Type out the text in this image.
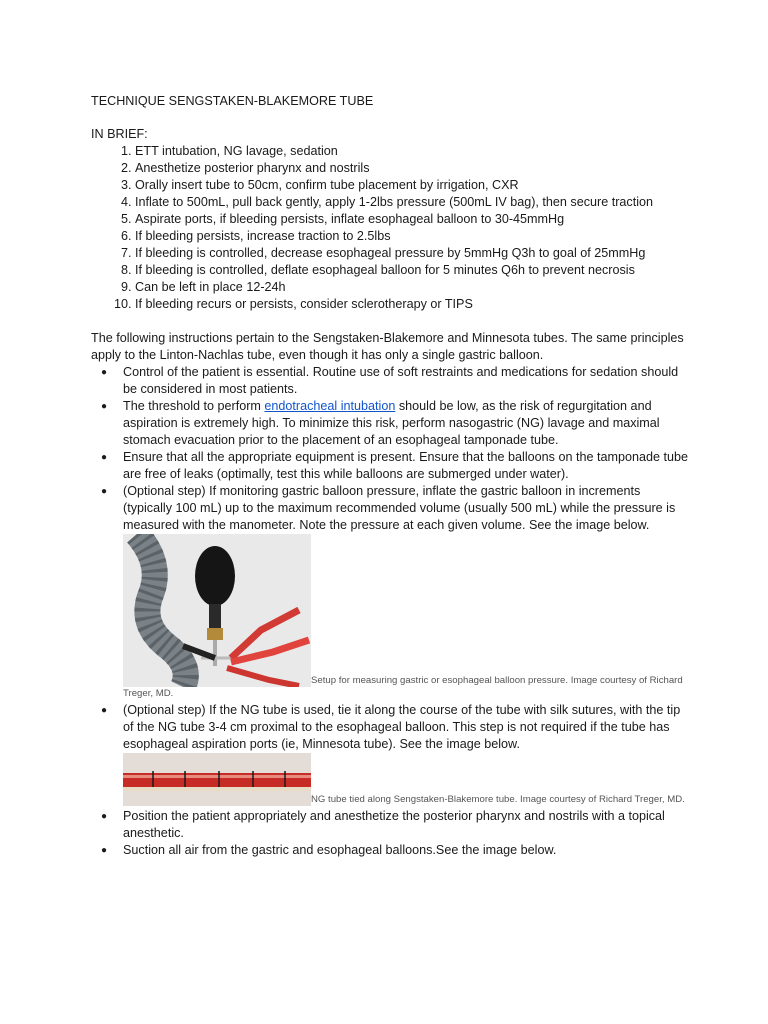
TECHNIQUE SENGSTAKEN-BLAKEMORE TUBE

IN BRIEF:

1. ETT intubation, NG lavage, sedation
2. Anesthetize posterior pharynx and nostrils
3. Orally insert tube to 50cm, confirm tube placement by irrigation, CXR
4. Inflate to 500mL, pull back gently, apply 1-2lbs pressure (500mL IV bag), then secure traction
5. Aspirate ports, if bleeding persists, inflate esophageal balloon to 30-45mmHg
6. If bleeding persists, increase traction to 2.5lbs
7. If bleeding is controlled, decrease esophageal pressure by 5mmHg Q3h to goal of 25mmHg
8. If bleeding is controlled, deflate esophageal balloon for 5 minutes Q6h to prevent necrosis
9. Can be left in place 12-24h
10. If bleeding recurs or persists, consider sclerotherapy or TIPS

The following instructions pertain to the Sengstaken-Blakemore and Minnesota tubes. The same principles apply to the Linton-Nachlas tube, even though it has only a single gastric balloon.

● Control of the patient is essential. Routine use of soft restraints and medications for sedation should be considered in most patients.
● The threshold to perform endotracheal intubation should be low, as the risk of regurgitation and aspiration is extremely high. To minimize this risk, perform nasogastric (NG) lavage and maximal stomach evacuation prior to the placement of an esophageal tamponade tube.
● Ensure that all the appropriate equipment is present. Ensure that the balloons on the tamponade tube are free of leaks (optimally, test this while balloons are submerged under water).
● (Optional step) If monitoring gastric balloon pressure, inflate the gastric balloon in increments (typically 100 mL) up to the maximum recommended volume (usually 500 mL) while the pressure is measured with the manometer. Note the pressure at each given volume. See the image below.
Setup for measuring gastric or esophageal balloon pressure. Image courtesy of Richard Treger, MD.
● (Optional step) If the NG tube is used, tie it along the course of the tube with silk sutures, with the tip of the NG tube 3-4 cm proximal to the esophageal balloon. This step is not required if the tube has esophageal aspiration ports (ie, Minnesota tube). See the image below.
NG tube tied along Sengstaken-Blakemore tube. Image courtesy of Richard Treger, MD.
● Position the patient appropriately and anesthetize the posterior pharynx and nostrils with a topical anesthetic.
● Suction all air from the gastric and esophageal balloons.See the image below.
